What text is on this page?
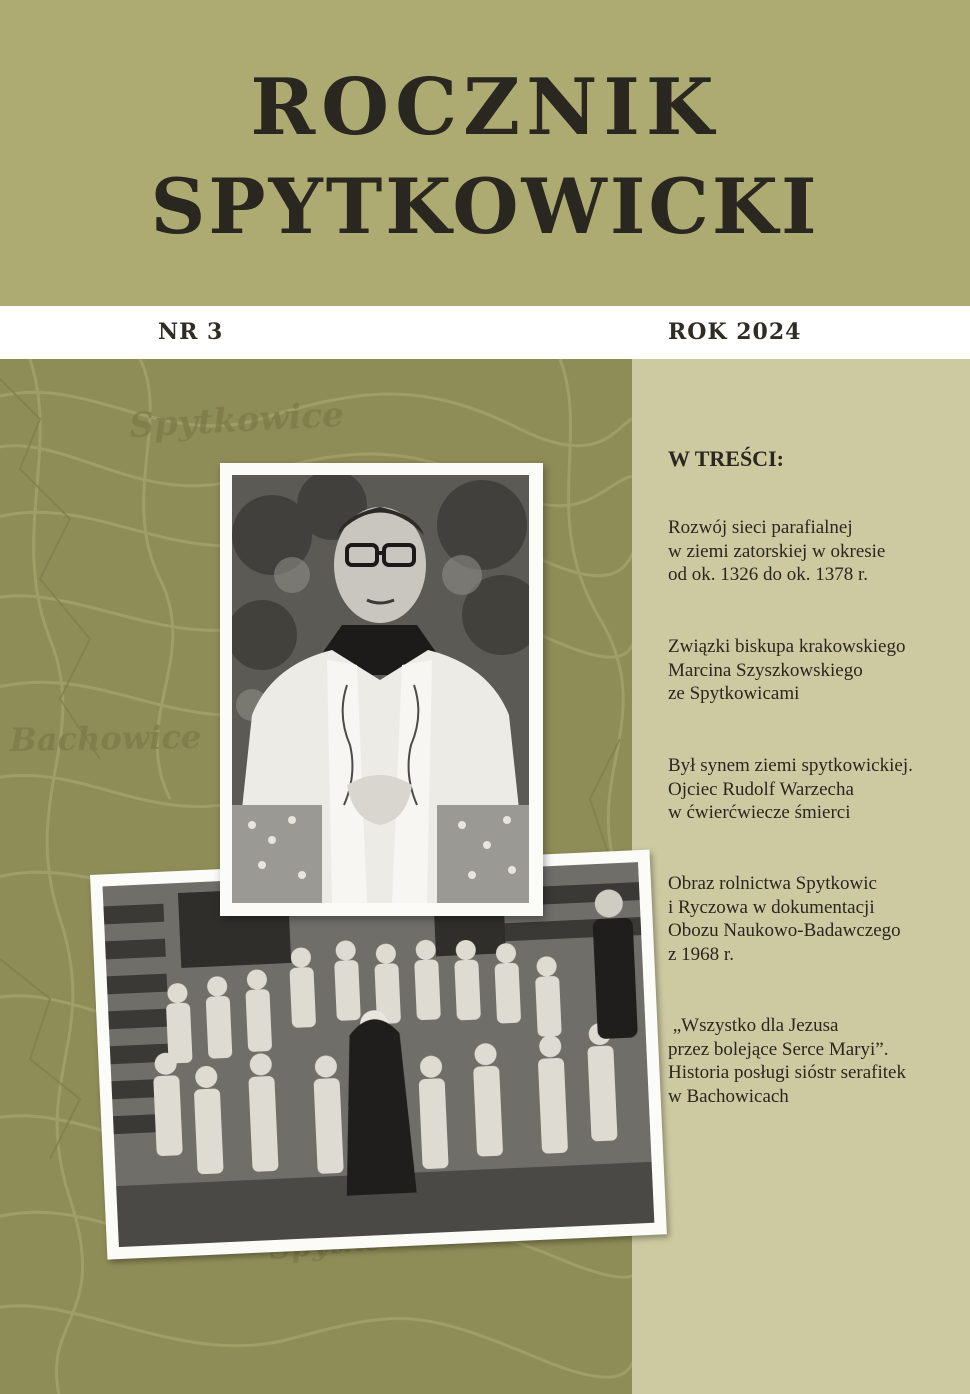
ROCZNIK
SPYTKOWICKI
NR 3	ROK 2024
Spytkowice
Bachowice
W TREŚCI:
Rozwój sieci parafialnej
w ziemi zatorskiej w okresie
od ok. 1326 do ok. 1378 r.
Związki biskupa krakowskiego
Marcina Szyszkowskiego
ze Spytkowicami
Był synem ziemi spytkowickiej.
Ojciec Rudolf Warzecha
w ćwierćwiecze śmierci
Obraz rolnictwa Spytkowic
i Ryczowa w dokumentacji
Obozu Naukowo-Badawczego
z 1968 r.
„Wszystko dla Jezusa
przez bolejące Serce Maryi”.
Historia posługi sióstr serafitek
w Bachowicach
